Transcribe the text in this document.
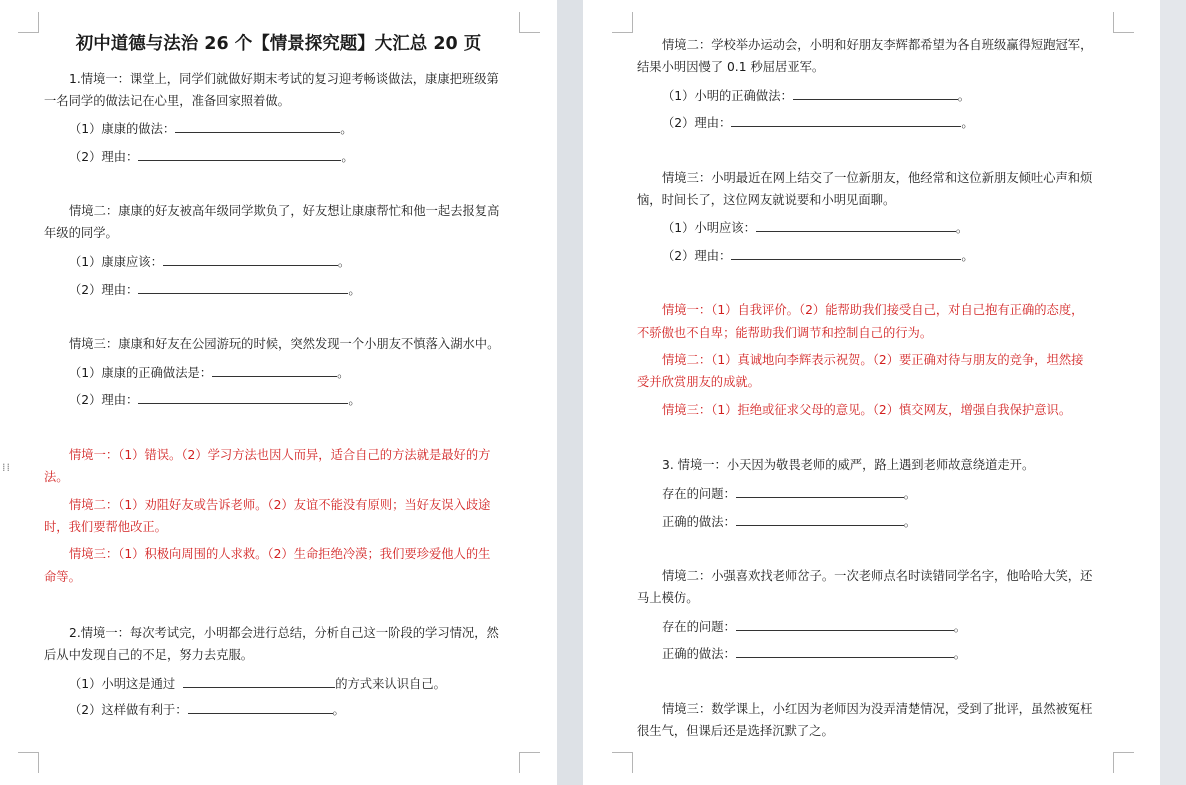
初中道德与法治 26 个【情景探究题】大汇总 20 页
1.情境一：课堂上，同学们就做好期末考试的复习迎考畅谈做法，康康把班级第
一名同学的做法记在心里，准备回家照着做。
（1）康康的做法：	。
（2）理由：	。
情境二：康康的好友被高年级同学欺负了，好友想让康康帮忙和他一起去报复高
年级的同学。
（1）康康应该：	。
（2）理由：	。
情境三：康康和好友在公园游玩的时候，突然发现一个小朋友不慎落入湖水中。
（1）康康的正确做法是：	。
（2）理由：	。
情境一：（1）错误。（2）学习方法也因人而异，适合自己的方法就是最好的方
法。
情境二：（1）劝阻好友或告诉老师。（2）友谊不能没有原则；当好友误入歧途
时，我们要帮他改正。
情境三：（1）积极向周围的人求救。（2）生命拒绝冷漠；我们要珍爱他人的生
命等。
2.情境一：每次考试完，小明都会进行总结，分析自己这一阶段的学习情况，然
后从中发现自己的不足，努力去克服。
（1）小明这是通过	的方式来认识自己。
（2）这样做有利于：	。
⁞⁞
情境二：学校举办运动会，小明和好朋友李辉都希望为各自班级赢得短跑冠军，
结果小明因慢了 0.1 秒屈居亚军。
（1）小明的正确做法：	。
（2）理由：	。
情境三：小明最近在网上结交了一位新朋友，他经常和这位新朋友倾吐心声和烦
恼，时间长了，这位网友就说要和小明见面聊。
（1）小明应该：	。
（2）理由：	。
情境一：（1）自我评价。（2）能帮助我们接受自己，对自己抱有正确的态度，
不骄傲也不自卑；能帮助我们调节和控制自己的行为。
情境二：（1）真诚地向李辉表示祝贺。（2）要正确对待与朋友的竞争，坦然接
受并欣赏朋友的成就。
情境三：（1）拒绝或征求父母的意见。（2）慎交网友，增强自我保护意识。
3. 情境一：小天因为敬畏老师的威严，路上遇到老师故意绕道走开。
存在的问题：	。
正确的做法：	。
情境二：小强喜欢找老师岔子。一次老师点名时读错同学名字，他哈哈大笑，还
马上模仿。
存在的问题：	。
正确的做法：	。
情境三：数学课上，小红因为老师因为没弄清楚情况，受到了批评，虽然被冤枉
很生气，但课后还是选择沉默了之。
